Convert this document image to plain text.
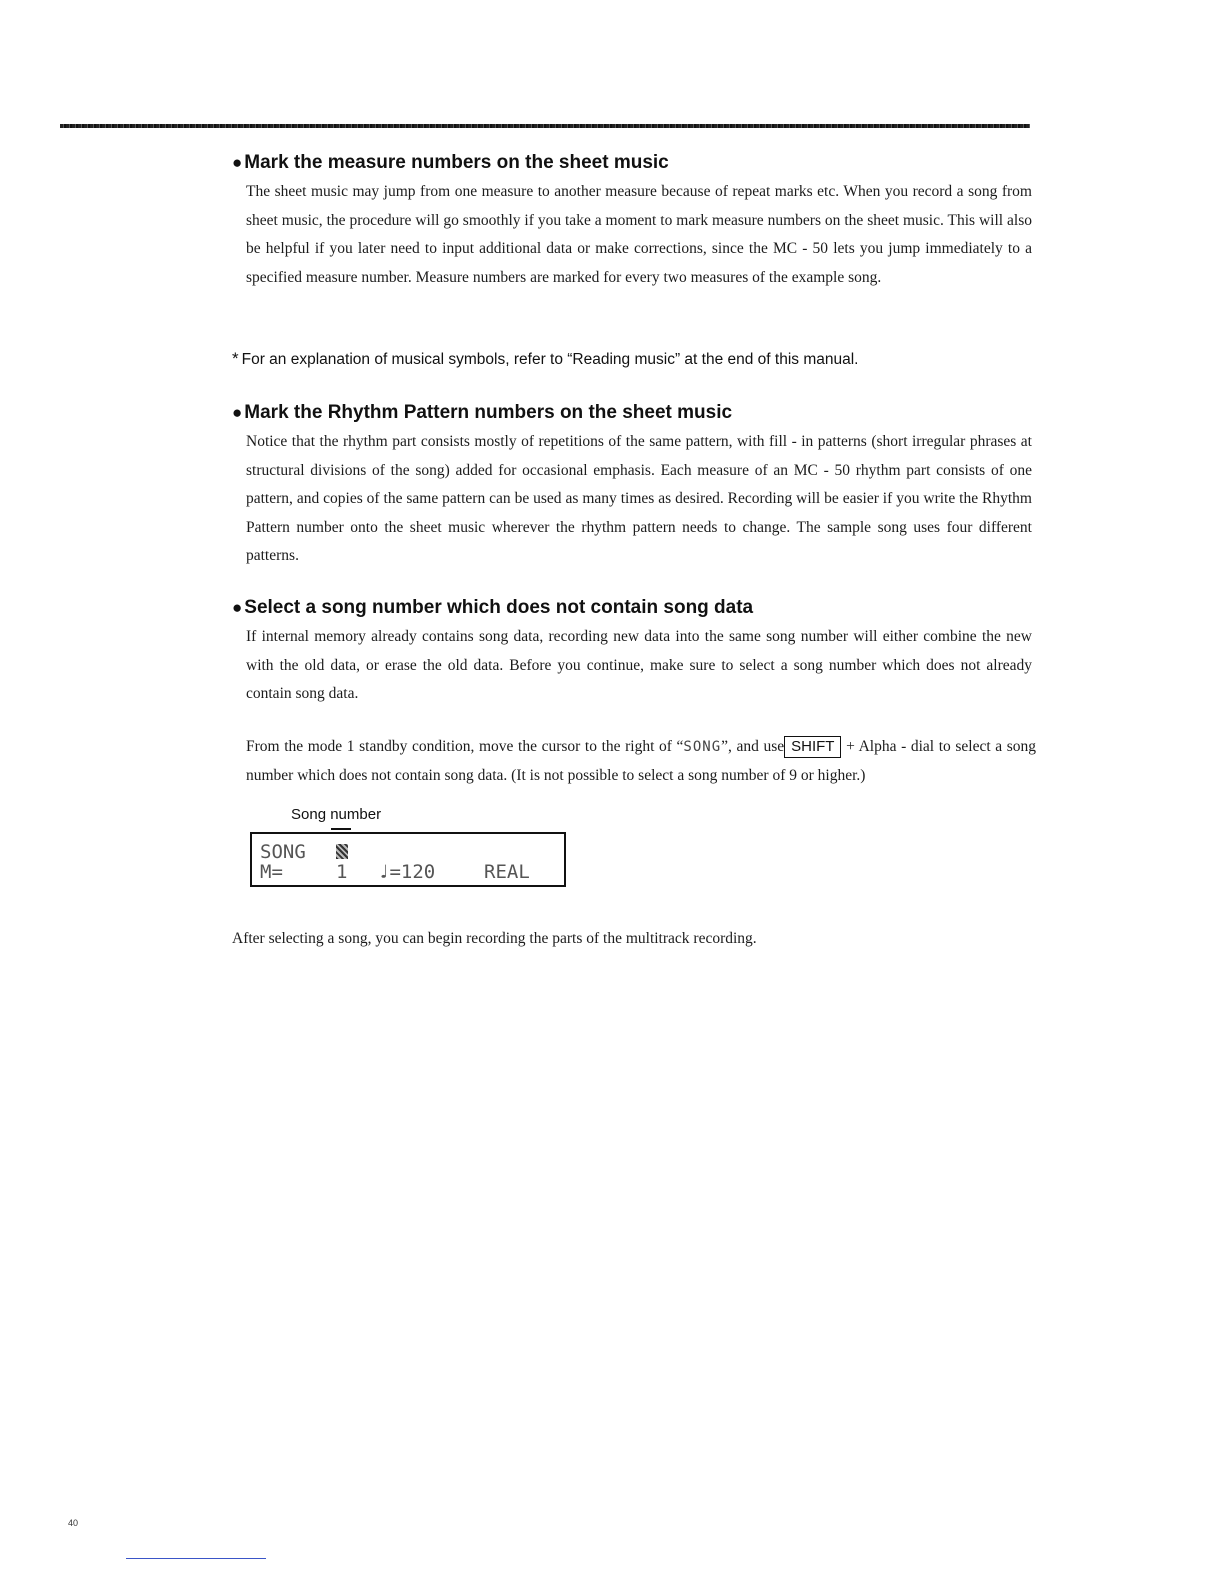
● Mark the measure numbers on the sheet music

The sheet music may jump from one measure to another measure because of repeat marks etc. When you record a song from sheet music, the procedure will go smoothly if you take a moment to mark measure numbers on the sheet music. This will also be helpful if you later need to input additional data or make corrections, since the MC - 50 lets you jump immediately to a specified measure number. Measure numbers are marked for every two measures of the example song.

* For an explanation of musical symbols, refer to “Reading music” at the end of this manual.
● Mark the Rhythm Pattern numbers on the sheet music

Notice that the rhythm part consists mostly of repetitions of the same pattern, with fill - in patterns (short irregular phrases at structural divisions of the song) added for occasional emphasis. Each measure of an MC - 50 rhythm part consists of one pattern, and copies of the same pattern can be used as many times as desired. Recording will be easier if you write the Rhythm Pattern number onto the sheet music wherever the rhythm pattern needs to change. The sample song uses four different patterns.

● Select a song number which does not contain song data

If internal memory already contains song data, recording new data into the same song number will either combine the new with the old data, or erase the old data. Before you continue, make sure to select a song number which does not already contain song data.

From the mode 1 standby condition, move the cursor to the right of “SONG”, and use SHIFT + Alpha - dial to select a song number which does not contain song data. (It is not possible to select a song number of 9 or higher.)
Song number

SONG

M=

	1

♩=120

	REAL

After selecting a song, you can begin recording the parts of the multitrack recording.
40
